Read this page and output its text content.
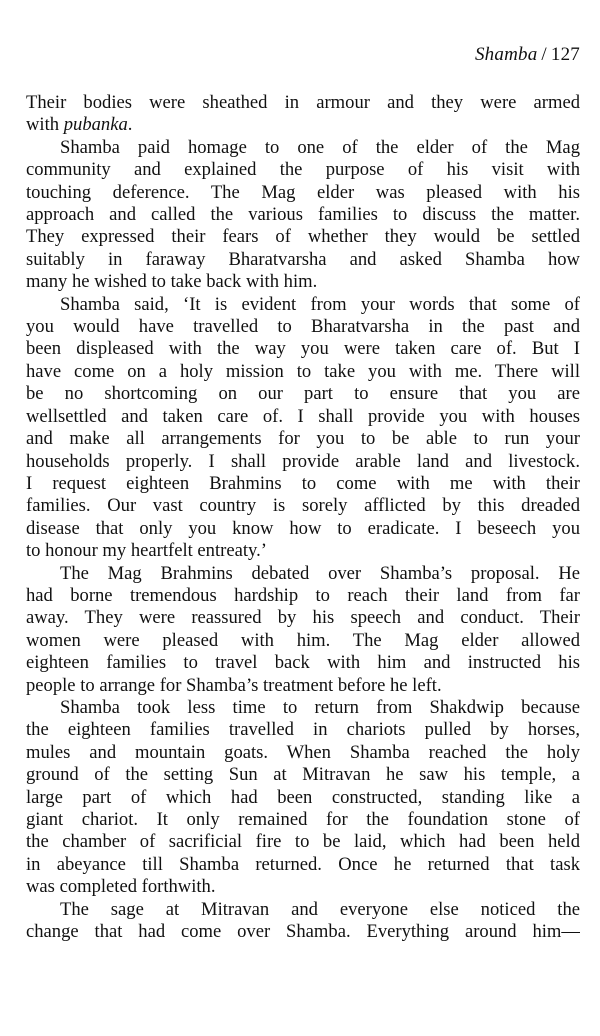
Shamba / 127
Their bodies were sheathed in armour and they were armed
with pubanka.
Shamba paid homage to one of the elder of the Mag
community and explained the purpose of his visit with
touching deference. The Mag elder was pleased with his
approach and called the various families to discuss the matter.
They expressed their fears of whether they would be settled
suitably in faraway Bharatvarsha and asked Shamba how
many he wished to take back with him.
Shamba said, ‘It is evident from your words that some of
you would have travelled to Bharatvarsha in the past and
been displeased with the way you were taken care of. But I
have come on a holy mission to take you with me. There will
be no shortcoming on our part to ensure that you are
wellsettled and taken care of. I shall provide you with houses
and make all arrangements for you to be able to run your
households properly. I shall provide arable land and livestock.
I request eighteen Brahmins to come with me with their
families. Our vast country is sorely afflicted by this dreaded
disease that only you know how to eradicate. I beseech you
to honour my heartfelt entreaty.’
The Mag Brahmins debated over Shamba’s proposal. He
had borne tremendous hardship to reach their land from far
away. They were reassured by his speech and conduct. Their
women were pleased with him. The Mag elder allowed
eighteen families to travel back with him and instructed his
people to arrange for Shamba’s treatment before he left.
Shamba took less time to return from Shakdwip because
the eighteen families travelled in chariots pulled by horses,
mules and mountain goats. When Shamba reached the holy
ground of the setting Sun at Mitravan he saw his temple, a
large part of which had been constructed, standing like a
giant chariot. It only remained for the foundation stone of
the chamber of sacrificial fire to be laid, which had been held
in abeyance till Shamba returned. Once he returned that task
was completed forthwith.
The sage at Mitravan and everyone else noticed the
change that had come over Shamba. Everything around him—
